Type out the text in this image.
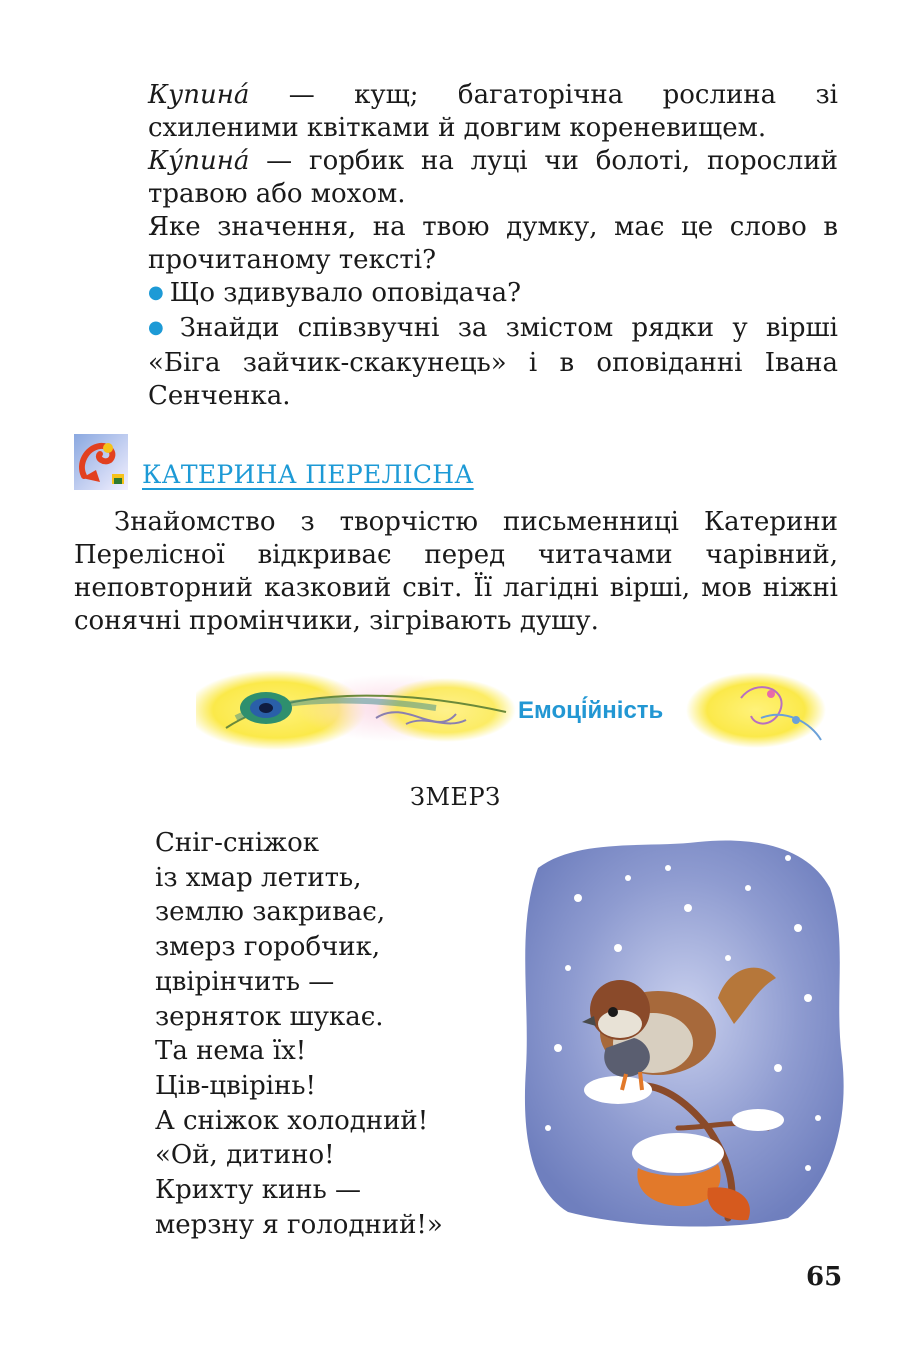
Купина́ — кущ; багаторічна рослина зі схиленими квітками й довгим кореневищем.

Ку́пина́ — горбик на луці чи болоті, порослий травою або мохом.

Яке значення, на твою думку, має це слово в прочитаному тексті?

● Що здивувало оповідача?

● Знайди співзвучні за змістом рядки у вірші «Біга зайчик-скакунець» і в оповіданні Івана Сенченка.

КАТЕРИНА ПЕРЕЛІСНА

Знайомство з творчістю письменниці Катерини Перелісної відкриває перед читачами чарівний, неповторний казковий світ. Її лагідні вірші, мов ніжні сонячні промінчики, зігрівають душу.

Емоці́йність
ЗМЕРЗ
Сніг-сніжок
із хмар летить,
землю закриває,
змерз горобчик,
цвірінчить —
зерняток шукає.
Та нема їх!
Ців-цвірінь!
А сніжок холодний!
«Ой, дитино!
Крихту кинь —
мерзну я голодний!»
65
